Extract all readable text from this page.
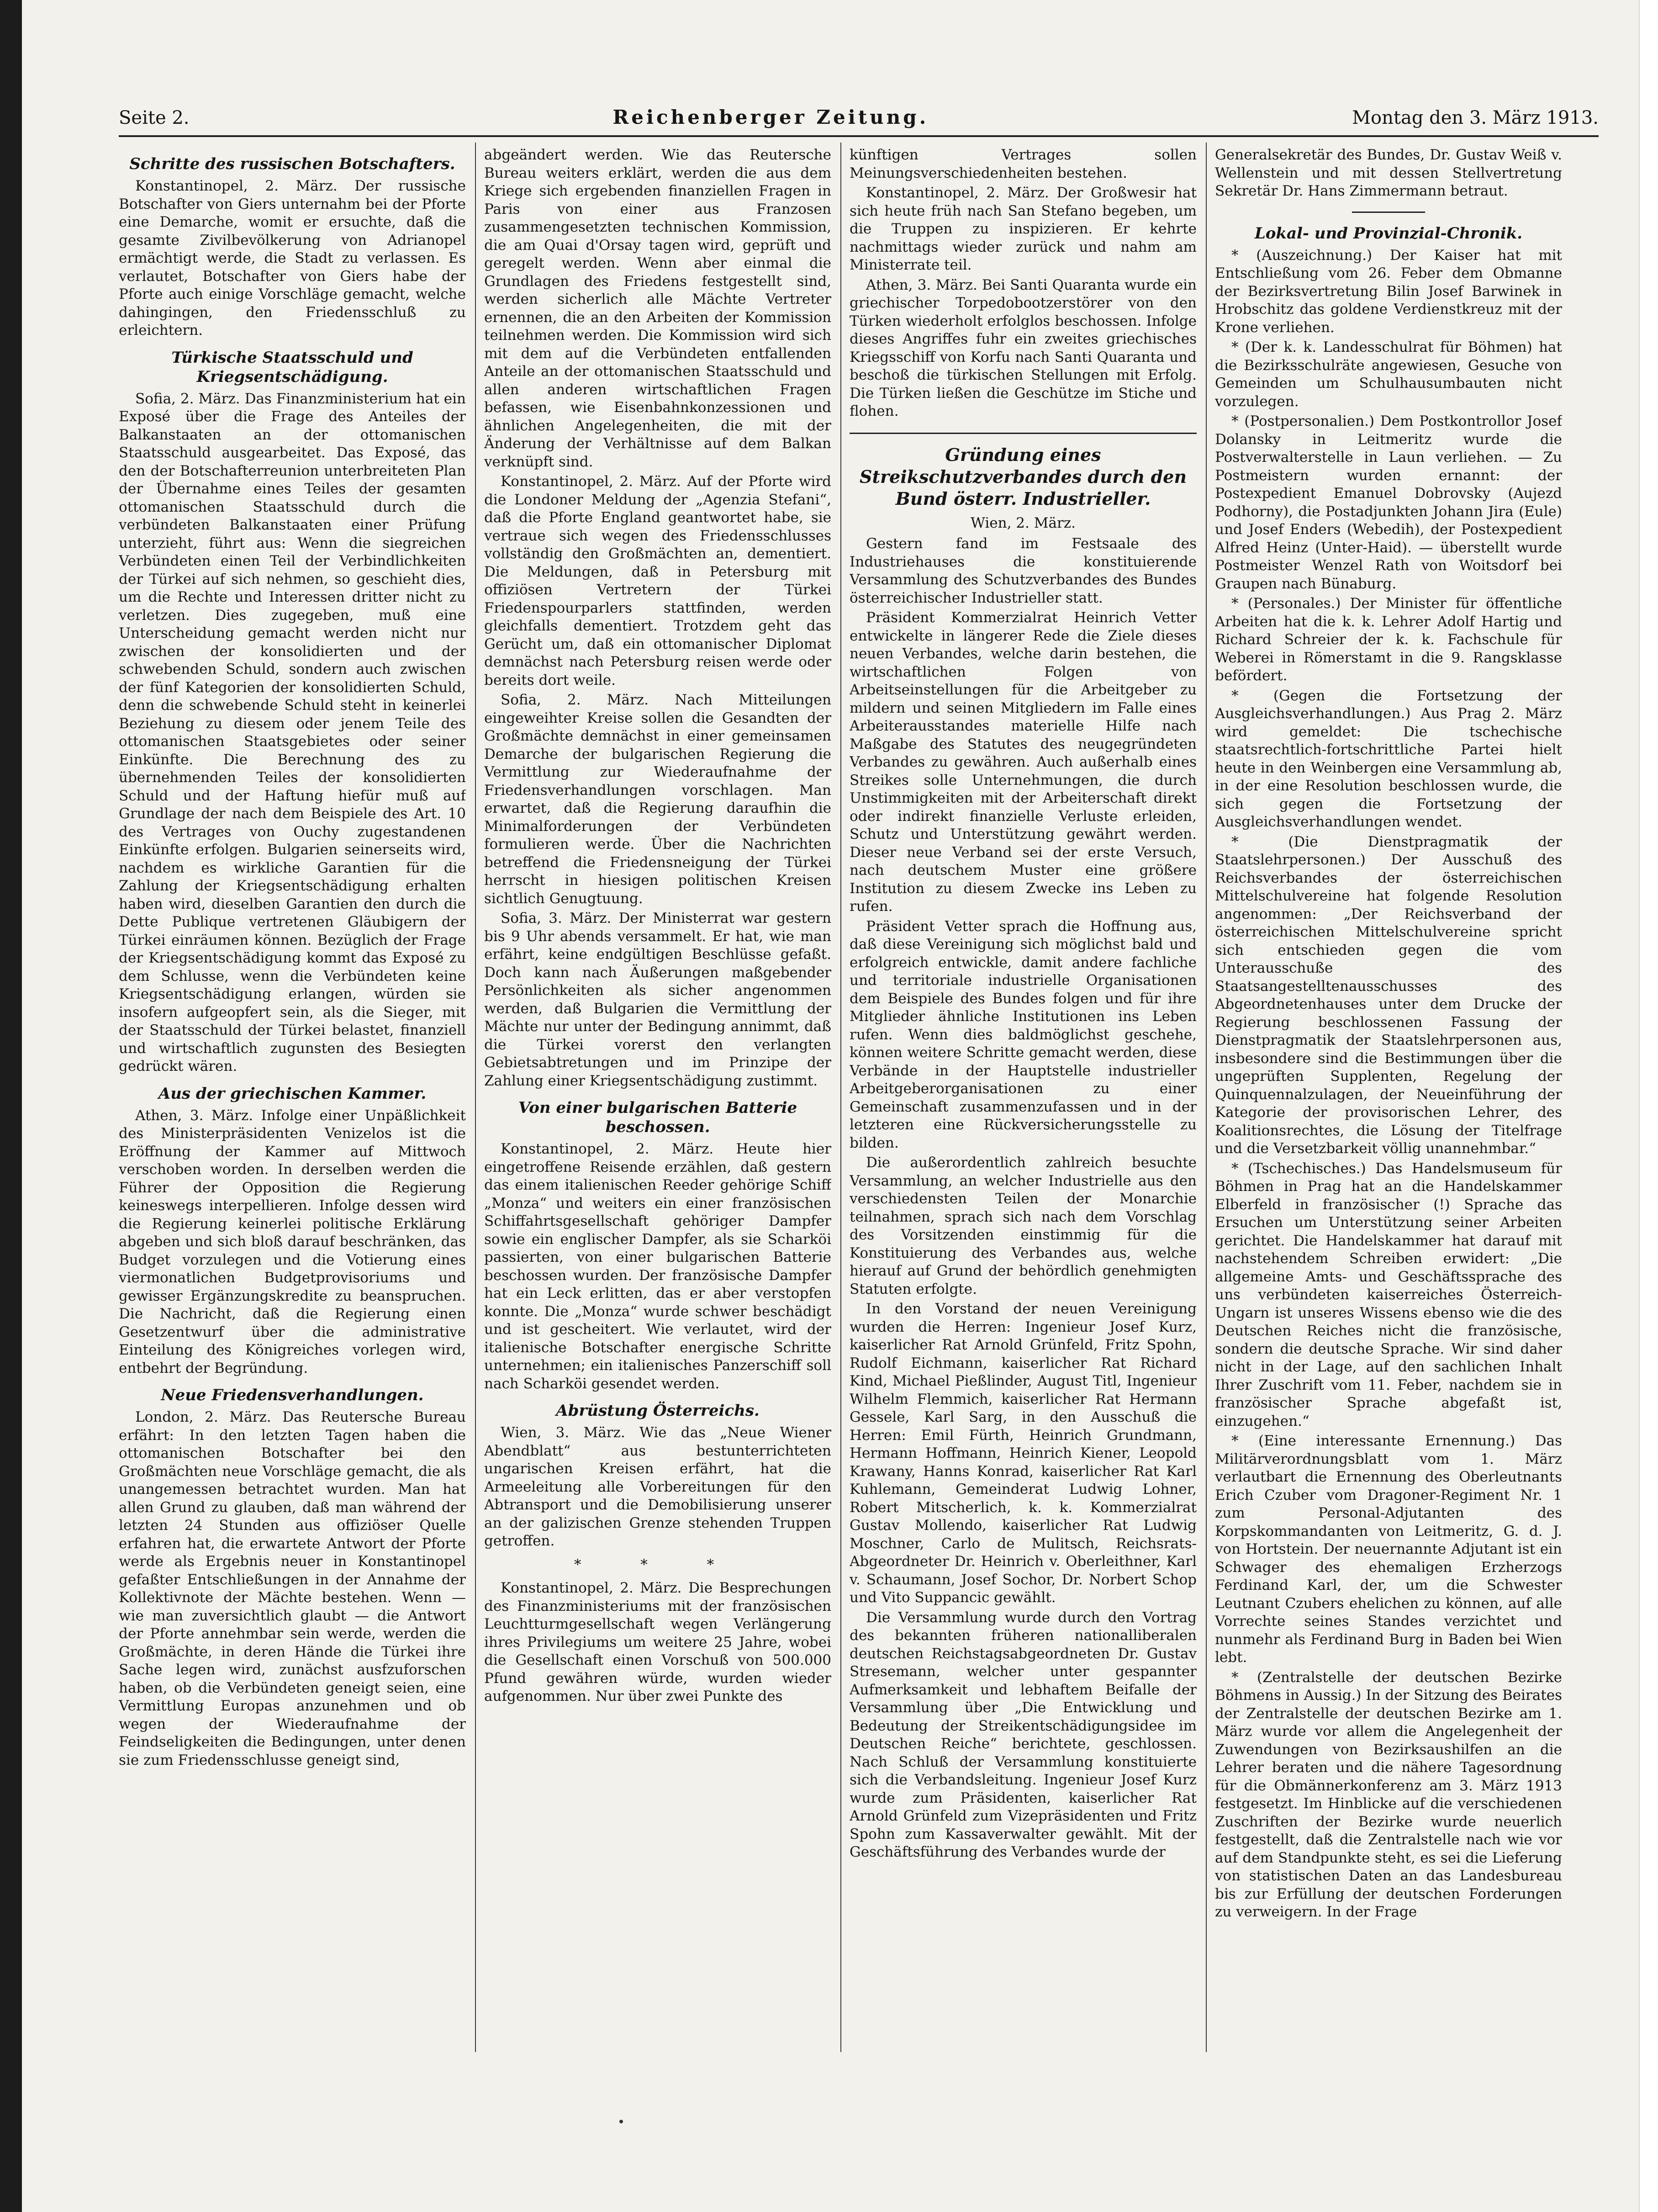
Seite 2.	Reichenberger Zeitung.	Montag den 3. März 1913.
Schritte des russischen Botschafters.

Konstantinopel, 2. März. Der russische Botschafter von Giers unternahm bei der Pforte eine Demarche, womit er ersuchte, daß die gesamte Zivilbevölkerung von Adrianopel ermächtigt werde, die Stadt zu verlassen. Es verlautet, Botschafter von Giers habe der Pforte auch einige Vorschläge gemacht, welche dahingingen, den Friedensschluß zu erleichtern.

Türkische Staatsschuld und Kriegsentschädigung.

Sofia, 2. März. Das Finanzministerium hat ein Exposé über die Frage des Anteiles der Balkanstaaten an der ottomanischen Staatsschuld ausgearbeitet. Das Exposé, das den der Botschafterreunion unterbreiteten Plan der Übernahme eines Teiles der gesamten ottomanischen Staatsschuld durch die verbündeten Balkanstaaten einer Prüfung unterzieht, führt aus: Wenn die siegreichen Verbündeten einen Teil der Verbindlichkeiten der Türkei auf sich nehmen, so geschieht dies, um die Rechte und Interessen dritter nicht zu verletzen. Dies zugegeben, muß eine Unterscheidung gemacht werden nicht nur zwischen der konsolidierten und der schwebenden Schuld, sondern auch zwischen der fünf Kategorien der konsolidierten Schuld, denn die schwebende Schuld steht in keinerlei Beziehung zu diesem oder jenem Teile des ottomanischen Staatsgebietes oder seiner Einkünfte. Die Berechnung des zu übernehmenden Teiles der konsolidierten Schuld und der Haftung hiefür muß auf Grundlage der nach dem Beispiele des Art. 10 des Vertrages von Ouchy zugestandenen Einkünfte erfolgen. Bulgarien seinerseits wird, nachdem es wirkliche Garantien für die Zahlung der Kriegsentschädigung erhalten haben wird, dieselben Garantien den durch die Dette Publique vertretenen Gläubigern der Türkei einräumen können. Bezüglich der Frage der Kriegsentschädigung kommt das Exposé zu dem Schlusse, wenn die Verbündeten keine Kriegsentschädigung erlangen, würden sie insofern aufgeopfert sein, als die Sieger, mit der Staatsschuld der Türkei belastet, finanziell und wirtschaftlich zugunsten des Besiegten gedrückt wären.

Aus der griechischen Kammer.

Athen, 3. März. Infolge einer Unpäßlichkeit des Ministerpräsidenten Venizelos ist die Eröffnung der Kammer auf Mittwoch verschoben worden. In derselben werden die Führer der Opposition die Regierung keineswegs interpellieren. Infolge dessen wird die Regierung keinerlei politische Erklärung abgeben und sich bloß darauf beschränken, das Budget vorzulegen und die Votierung eines viermonatlichen Budgetprovisoriums und gewisser Ergänzungskredite zu beanspruchen. Die Nachricht, daß die Regierung einen Gesetzentwurf über die administrative Einteilung des Königreiches vorlegen wird, entbehrt der Begründung.

Neue Friedensverhandlungen.

London, 2. März. Das Reutersche Bureau erfährt: In den letzten Tagen haben die ottomanischen Botschafter bei den Großmächten neue Vorschläge gemacht, die als unangemessen betrachtet wurden. Man hat allen Grund zu glauben, daß man während der letzten 24 Stunden aus offiziöser Quelle erfahren hat, die erwartete Antwort der Pforte werde als Ergebnis neuer in Konstantinopel gefaßter Entschließungen in der Annahme der Kollektivnote der Mächte bestehen. Wenn — wie man zuversichtlich glaubt — die Antwort der Pforte annehmbar sein werde, werden die Großmächte, in deren Hände die Türkei ihre Sache legen wird, zunächst ausfzuforschen haben, ob die Verbündeten geneigt seien, eine Vermittlung Europas anzunehmen und ob wegen der Wiederaufnahme der Feindseligkeiten die Bedingungen, unter denen sie zum Friedensschlusse geneigt sind,

abgeändert werden. Wie das Reutersche Bureau weiters erklärt, werden die aus dem Kriege sich ergebenden finanziellen Fragen in Paris von einer aus Franzosen zusammengesetzten technischen Kommission, die am Quai d'Orsay tagen wird, geprüft und geregelt werden. Wenn aber einmal die Grundlagen des Friedens festgestellt sind, werden sicherlich alle Mächte Vertreter ernennen, die an den Arbeiten der Kommission teilnehmen werden. Die Kommission wird sich mit dem auf die Verbündeten entfallenden Anteile an der ottomanischen Staatsschuld und allen anderen wirtschaftlichen Fragen befassen, wie Eisenbahnkonzessionen und ähnlichen Angelegenheiten, die mit der Änderung der Verhältnisse auf dem Balkan verknüpft sind.

Konstantinopel, 2. März. Auf der Pforte wird die Londoner Meldung der „Agenzia Stefani“, daß die Pforte England geantwortet habe, sie vertraue sich wegen des Friedensschlusses vollständig den Großmächten an, dementiert. Die Meldungen, daß in Petersburg mit offiziösen Vertretern der Türkei Friedenspourparlers stattfinden, werden gleichfalls dementiert. Trotzdem geht das Gerücht um, daß ein ottomanischer Diplomat demnächst nach Petersburg reisen werde oder bereits dort weile.

Sofia, 2. März. Nach Mitteilungen eingeweihter Kreise sollen die Gesandten der Großmächte demnächst in einer gemeinsamen Demarche der bulgarischen Regierung die Vermittlung zur Wiederaufnahme der Friedensverhandlungen vorschlagen. Man erwartet, daß die Regierung daraufhin die Minimalforderungen der Verbündeten formulieren werde. Über die Nachrichten betreffend die Friedensneigung der Türkei herrscht in hiesigen politischen Kreisen sichtlich Genugtuung.

Sofia, 3. März. Der Ministerrat war gestern bis 9 Uhr abends versammelt. Er hat, wie man erfährt, keine endgültigen Beschlüsse gefaßt. Doch kann nach Äußerungen maßgebender Persönlichkeiten als sicher angenommen werden, daß Bulgarien die Vermittlung der Mächte nur unter der Bedingung annimmt, daß die Türkei vorerst den verlangten Gebietsabtretungen und im Prinzipe der Zahlung einer Kriegsentschädigung zustimmt.

Von einer bulgarischen Batterie beschossen.

Konstantinopel, 2. März. Heute hier eingetroffene Reisende erzählen, daß gestern das einem italienischen Reeder gehörige Schiff „Monza“ und weiters ein einer französischen Schiffahrtsgesellschaft gehöriger Dampfer sowie ein englischer Dampfer, als sie Scharköi passierten, von einer bulgarischen Batterie beschossen wurden. Der französische Dampfer hat ein Leck erlitten, das er aber verstopfen konnte. Die „Monza“ wurde schwer beschädigt und ist gescheitert. Wie verlautet, wird der italienische Botschafter energische Schritte unternehmen; ein italienisches Panzerschiff soll nach Scharköi gesendet werden.

Abrüstung Österreichs.

Wien, 3. März. Wie das „Neue Wiener Abendblatt“ aus bestunterrichteten ungarischen Kreisen erfährt, hat die Armeeleitung alle Vorbereitungen für den Abtransport und die Demobilisierung unserer an der galizischen Grenze stehenden Truppen getroffen.

* * *

Konstantinopel, 2. März. Die Besprechungen des Finanzministeriums mit der französischen Leuchtturmgesellschaft wegen Verlängerung ihres Privilegiums um weitere 25 Jahre, wobei die Gesellschaft einen Vorschuß von 500.000 Pfund gewähren würde, wurden wieder aufgenommen. Nur über zwei Punkte des

künftigen Vertrages sollen Meinungsverschiedenheiten bestehen.

Konstantinopel, 2. März. Der Großwesir hat sich heute früh nach San Stefano begeben, um die Truppen zu inspizieren. Er kehrte nachmittags wieder zurück und nahm am Ministerrate teil.

Athen, 3. März. Bei Santi Quaranta wurde ein griechischer Torpedobootzerstörer von den Türken wiederholt erfolglos beschossen. Infolge dieses Angriffes fuhr ein zweites griechisches Kriegsschiff von Korfu nach Santi Quaranta und beschoß die türkischen Stellungen mit Erfolg. Die Türken ließen die Geschütze im Stiche und flohen.

Gründung eines Streikschutzverbandes durch den Bund österr. Industrieller.

Wien, 2. März.

Gestern fand im Festsaale des Industriehauses die konstituierende Versammlung des Schutzverbandes des Bundes österreichischer Industrieller statt.

Präsident Kommerzialrat Heinrich Vetter entwickelte in längerer Rede die Ziele dieses neuen Verbandes, welche darin bestehen, die wirtschaftlichen Folgen von Arbeitseinstellungen für die Arbeitgeber zu mildern und seinen Mitgliedern im Falle eines Arbeiterausstandes materielle Hilfe nach Maßgabe des Statutes des neugegründeten Verbandes zu gewähren. Auch außerhalb eines Streikes solle Unternehmungen, die durch Unstimmigkeiten mit der Arbeiterschaft direkt oder indirekt finanzielle Verluste erleiden, Schutz und Unterstützung gewährt werden. Dieser neue Verband sei der erste Versuch, nach deutschem Muster eine größere Institution zu diesem Zwecke ins Leben zu rufen.

Präsident Vetter sprach die Hoffnung aus, daß diese Vereinigung sich möglichst bald und erfolgreich entwickle, damit andere fachliche und territoriale industrielle Organisationen dem Beispiele des Bundes folgen und für ihre Mitglieder ähnliche Institutionen ins Leben rufen. Wenn dies baldmöglichst geschehe, können weitere Schritte gemacht werden, diese Verbände in der Hauptstelle industrieller Arbeitgeberorganisationen zu einer Gemeinschaft zusammenzufassen und in der letzteren eine Rückversicherungsstelle zu bilden.

Die außerordentlich zahlreich besuchte Versammlung, an welcher Industrielle aus den verschiedensten Teilen der Monarchie teilnahmen, sprach sich nach dem Vorschlag des Vorsitzenden einstimmig für die Konstituierung des Verbandes aus, welche hierauf auf Grund der behördlich genehmigten Statuten erfolgte.

In den Vorstand der neuen Vereinigung wurden die Herren: Ingenieur Josef Kurz, kaiserlicher Rat Arnold Grünfeld, Fritz Spohn, Rudolf Eichmann, kaiserlicher Rat Richard Kind, Michael Pießlinder, August Titl, Ingenieur Wilhelm Flemmich, kaiserlicher Rat Hermann Gessele, Karl Sarg, in den Ausschuß die Herren: Emil Fürth, Heinrich Grundmann, Hermann Hoffmann, Heinrich Kiener, Leopold Krawany, Hanns Konrad, kaiserlicher Rat Karl Kuhlemann, Gemeinderat Ludwig Lohner, Robert Mitscherlich, k. k. Kommerzialrat Gustav Mollendo, kaiserlicher Rat Ludwig Moschner, Carlo de Mulitsch, Reichsrats-Abgeordneter Dr. Heinrich v. Oberleithner, Karl v. Schaumann, Josef Sochor, Dr. Norbert Schop und Vito Suppancic gewählt.

Die Versammlung wurde durch den Vortrag des bekannten früheren nationalliberalen deutschen Reichstagsabgeordneten Dr. Gustav Stresemann, welcher unter gespannter Aufmerksamkeit und lebhaftem Beifalle der Versammlung über „Die Entwicklung und Bedeutung der Streikentschädigungsidee im Deutschen Reiche“ berichtete, geschlossen. Nach Schluß der Versammlung konstituierte sich die Verbandsleitung. Ingenieur Josef Kurz wurde zum Präsidenten, kaiserlicher Rat Arnold Grünfeld zum Vizepräsidenten und Fritz Spohn zum Kassaverwalter gewählt. Mit der Geschäftsführung des Verbandes wurde der

Generalsekretär des Bundes, Dr. Gustav Weiß v. Wellenstein und mit dessen Stellvertretung Sekretär Dr. Hans Zimmermann betraut.

Lokal- und Provinzial-Chronik.

* (Auszeichnung.) Der Kaiser hat mit Entschließung vom 26. Feber dem Obmanne der Bezirksvertretung Bilin Josef Barwinek in Hrobschitz das goldene Verdienstkreuz mit der Krone verliehen.

* (Der k. k. Landesschulrat für Böhmen) hat die Bezirksschulräte angewiesen, Gesuche von Gemeinden um Schulhausumbauten nicht vorzulegen.

* (Postpersonalien.) Dem Postkontrollor Josef Dolansky in Leitmeritz wurde die Postverwalterstelle in Laun verliehen. — Zu Postmeistern wurden ernannt: der Postexpedient Emanuel Dobrovsky (Aujezd Podhorny), die Postadjunkten Johann Jira (Eule) und Josef Enders (Webedih), der Postexpedient Alfred Heinz (Unter-Haid). — überstellt wurde Postmeister Wenzel Rath von Woitsdorf bei Graupen nach Bünaburg.

* (Personales.) Der Minister für öffentliche Arbeiten hat die k. k. Lehrer Adolf Hartig und Richard Schreier der k. k. Fachschule für Weberei in Römerstamt in die 9. Rangsklasse befördert.

* (Gegen die Fortsetzung der Ausgleichsverhandlungen.) Aus Prag 2. März wird gemeldet: Die tschechische staatsrechtlich-fortschrittliche Partei hielt heute in den Weinbergen eine Versammlung ab, in der eine Resolution beschlossen wurde, die sich gegen die Fortsetzung der Ausgleichsverhandlungen wendet.

* (Die Dienstpragmatik der Staatslehrpersonen.) Der Ausschuß des Reichsverbandes der österreichischen Mittelschulvereine hat folgende Resolution angenommen: „Der Reichsverband der österreichischen Mittelschulvereine spricht sich entschieden gegen die vom Unterausschuße des Staatsangestelltenausschusses des Abgeordnetenhauses unter dem Drucke der Regierung beschlossenen Fassung der Dienstpragmatik der Staatslehrpersonen aus, insbesondere sind die Bestimmungen über die ungeprüften Supplenten, Regelung der Quinquennalzulagen, der Neueinführung der Kategorie der provisorischen Lehrer, des Koalitionsrechtes, die Lösung der Titelfrage und die Versetzbarkeit völlig unannehmbar.“

* (Tschechisches.) Das Handelsmuseum für Böhmen in Prag hat an die Handelskammer Elberfeld in französischer (!) Sprache das Ersuchen um Unterstützung seiner Arbeiten gerichtet. Die Handelskammer hat darauf mit nachstehendem Schreiben erwidert: „Die allgemeine Amts- und Geschäftssprache des uns verbündeten kaiserreiches Österreich-Ungarn ist unseres Wissens ebenso wie die des Deutschen Reiches nicht die französische, sondern die deutsche Sprache. Wir sind daher nicht in der Lage, auf den sachlichen Inhalt Ihrer Zuschrift vom 11. Feber, nachdem sie in französischer Sprache abgefaßt ist, einzugehen.“

* (Eine interessante Ernennung.) Das Militärverordnungsblatt vom 1. März verlautbart die Ernennung des Oberleutnants Erich Czuber vom Dragoner-Regiment Nr. 1 zum Personal-Adjutanten des Korpskommandanten von Leitmeritz, G. d. J. von Hortstein. Der neuernannte Adjutant ist ein Schwager des ehemaligen Erzherzogs Ferdinand Karl, der, um die Schwester Leutnant Czubers ehelichen zu können, auf alle Vorrechte seines Standes verzichtet und nunmehr als Ferdinand Burg in Baden bei Wien lebt.

* (Zentralstelle der deutschen Bezirke Böhmens in Aussig.) In der Sitzung des Beirates der Zentralstelle der deutschen Bezirke am 1. März wurde vor allem die Angelegenheit der Zuwendungen von Bezirksaushilfen an die Lehrer beraten und die nähere Tagesordnung für die Obmännerkonferenz am 3. März 1913 festgesetzt. Im Hinblicke auf die verschiedenen Zuschriften der Bezirke wurde neuerlich festgestellt, daß die Zentralstelle nach wie vor auf dem Standpunkte steht, es sei die Lieferung von statistischen Daten an das Landesbureau bis zur Erfüllung der deutschen Forderungen zu verweigern. In der Frage
